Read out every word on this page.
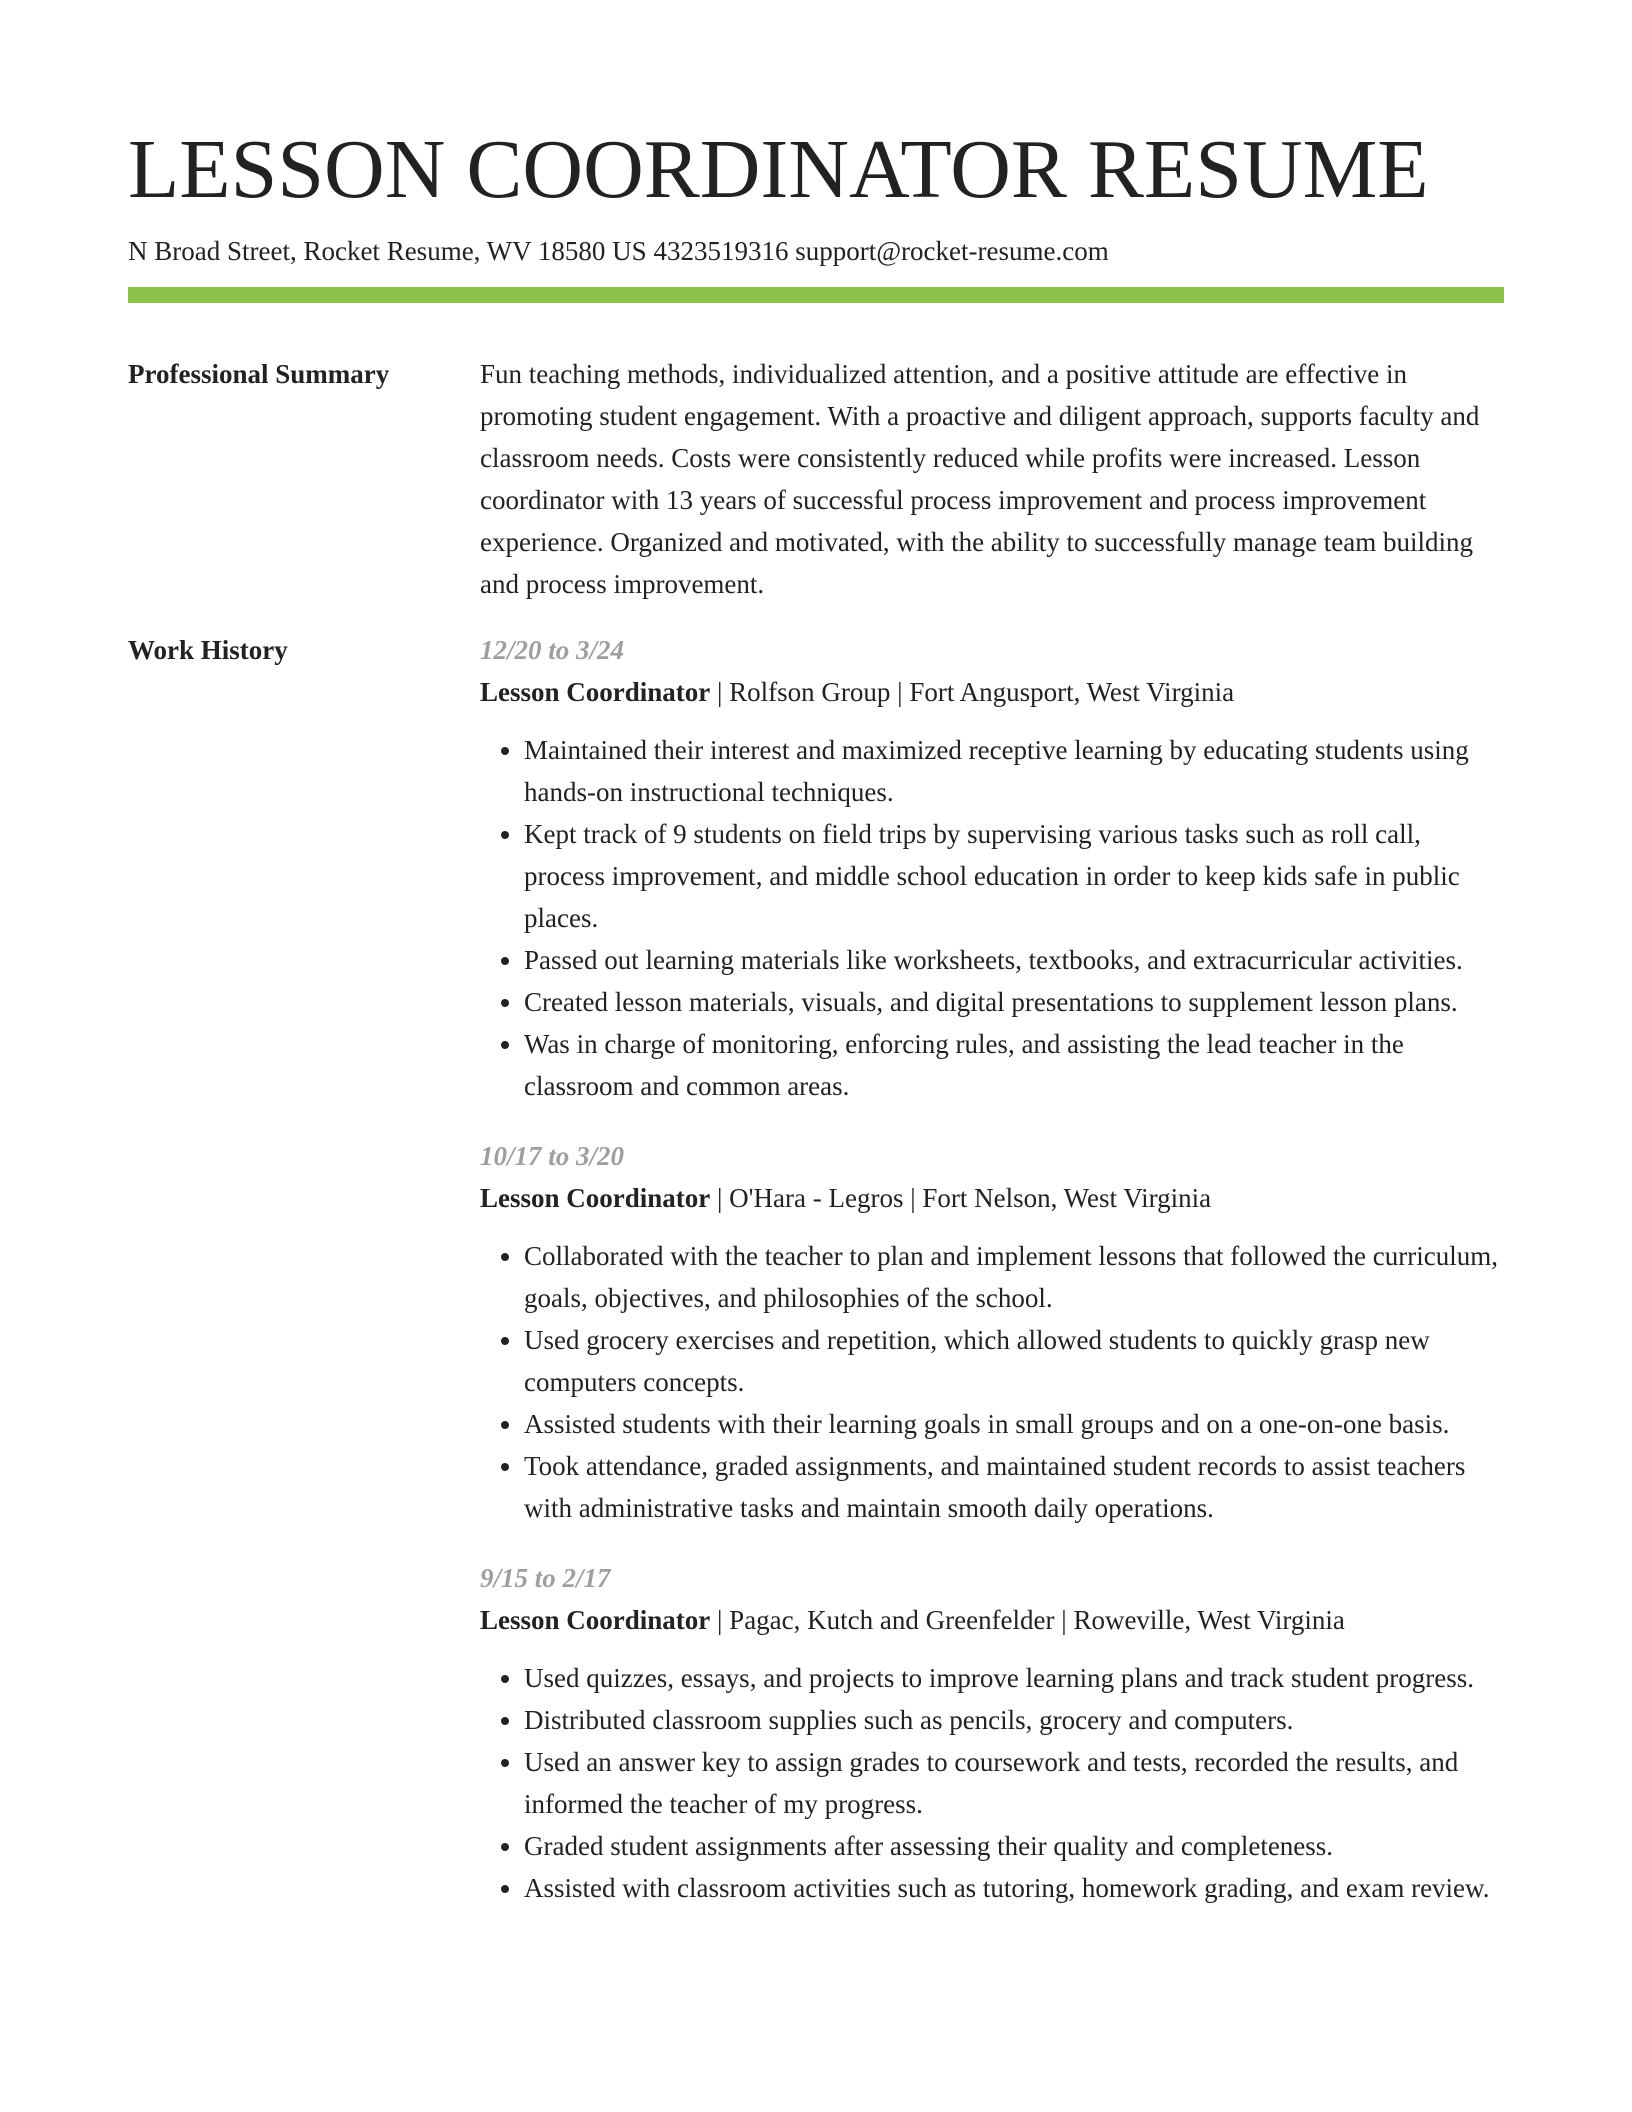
LESSON COORDINATOR RESUME
N Broad Street, Rocket Resume, WV 18580 US 4323519316 support@rocket-resume.com
Professional Summary	Fun teaching methods, individualized attention, and a positive attitude are effective in promoting student engagement. With a proactive and diligent approach, supports faculty and classroom needs. Costs were consistently reduced while profits were increased. Lesson coordinator with 13 years of successful process improvement and process improvement experience. Organized and motivated, with the ability to successfully manage team building and process improvement.

Work History	12/20 to 3/24
Lesson Coordinator | Rolfson Group | Fort Angusport, West Virginia
• Maintained their interest and maximized receptive learning by educating students using hands-on instructional techniques.
• Kept track of 9 students on field trips by supervising various tasks such as roll call, process improvement, and middle school education in order to keep kids safe in public places.
• Passed out learning materials like worksheets, textbooks, and extracurricular activities.
• Created lesson materials, visuals, and digital presentations to supplement lesson plans.
• Was in charge of monitoring, enforcing rules, and assisting the lead teacher in the classroom and common areas.
10/17 to 3/20
Lesson Coordinator | O'Hara - Legros | Fort Nelson, West Virginia
• Collaborated with the teacher to plan and implement lessons that followed the curriculum, goals, objectives, and philosophies of the school.
• Used grocery exercises and repetition, which allowed students to quickly grasp new computers concepts.
• Assisted students with their learning goals in small groups and on a one-on-one basis.
• Took attendance, graded assignments, and maintained student records to assist teachers with administrative tasks and maintain smooth daily operations.
9/15 to 2/17
Lesson Coordinator | Pagac, Kutch and Greenfelder | Roweville, West Virginia
• Used quizzes, essays, and projects to improve learning plans and track student progress.
• Distributed classroom supplies such as pencils, grocery and computers.
• Used an answer key to assign grades to coursework and tests, recorded the results, and informed the teacher of my progress.
• Graded student assignments after assessing their quality and completeness.
• Assisted with classroom activities such as tutoring, homework grading, and exam review.
